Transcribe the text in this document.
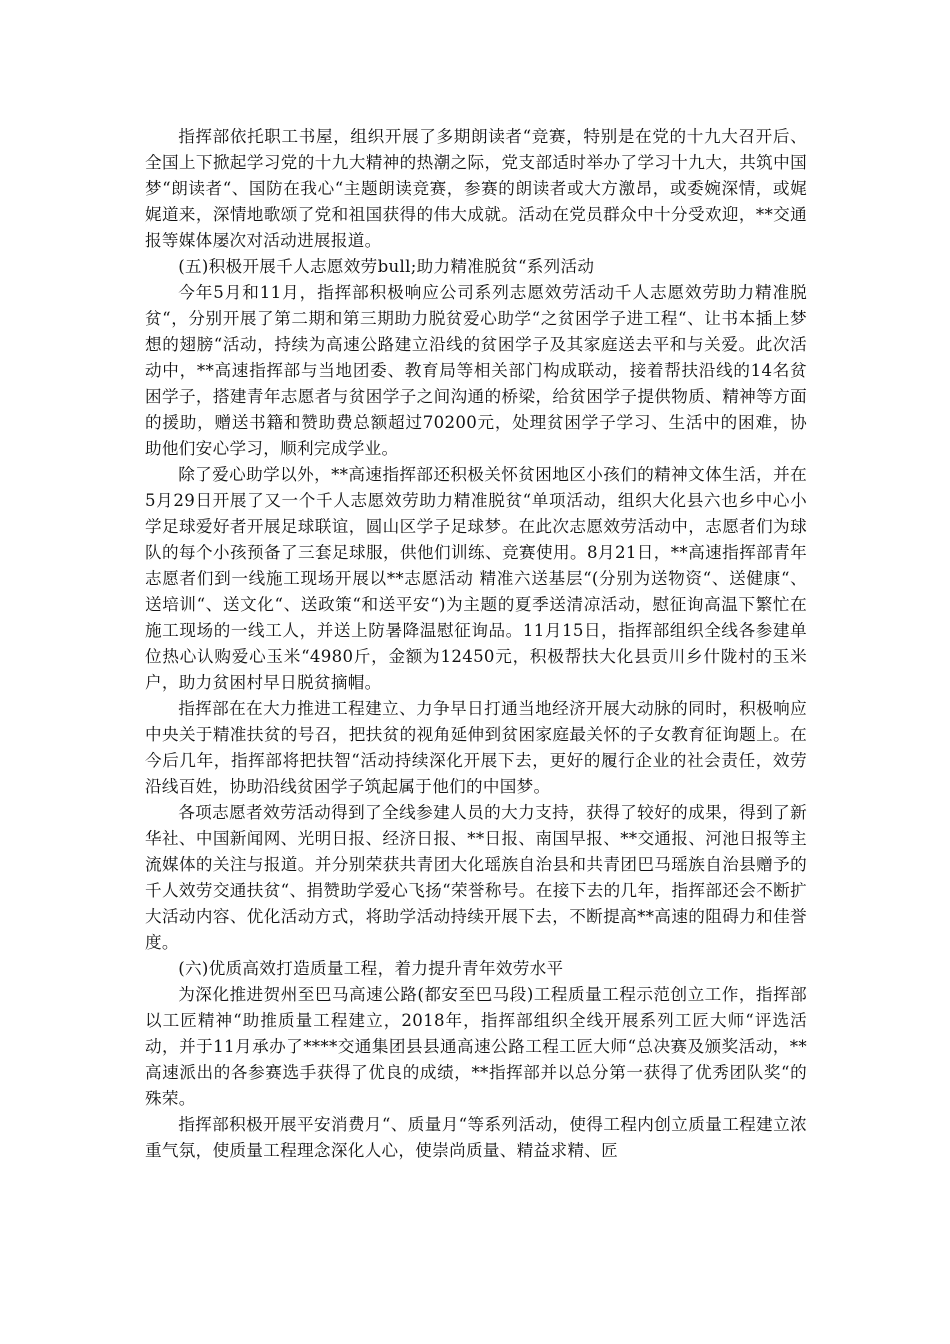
指挥部依托职工书屋，组织开展了多期朗读者“竞赛，特别是在党的十九大召开后、全国上下掀起学习党的十九大精神的热潮之际，党支部适时举办了学习十九大，共筑中国梦“朗读者“、国防在我心“主题朗读竞赛，参赛的朗读者或大方激昂，或委婉深情，或娓娓道来，深情地歌颂了党和祖国获得的伟大成就。活动在党员群众中十分受欢迎，**交通报等媒体屡次对活动进展报道。

(五)积极开展千人志愿效劳bull;助力精准脱贫“系列活动

今年5月和11月，指挥部积极响应公司系列志愿效劳活动千人志愿效劳助力精准脱贫“，分别开展了第二期和第三期助力脱贫爱心助学“之贫困学子进工程“、让书本插上梦想的翅膀“活动，持续为高速公路建立沿线的贫困学子及其家庭送去平和与关爱。此次活动中，**高速指挥部与当地团委、教育局等相关部门构成联动，接着帮扶沿线的14名贫困学子，搭建青年志愿者与贫困学子之间沟通的桥梁，给贫困学子提供物质、精神等方面的援助，赠送书籍和赞助费总额超过70200元，处理贫困学子学习、生活中的困难，协助他们安心学习，顺利完成学业。

除了爱心助学以外，**高速指挥部还积极关怀贫困地区小孩们的精神文体生活，并在5月29日开展了又一个千人志愿效劳助力精准脱贫“单项活动，组织大化县六也乡中心小学足球爱好者开展足球联谊，圆山区学子足球梦。在此次志愿效劳活动中，志愿者们为球队的每个小孩预备了三套足球服，供他们训练、竞赛使用。8月21日，**高速指挥部青年志愿者们到一线施工现场开展以**志愿活动 精准六送基层“(分别为送物资“、送健康“、送培训“、送文化“、送政策“和送平安“)为主题的夏季送清凉活动，慰征询高温下繁忙在施工现场的一线工人，并送上防暑降温慰征询品。11月15日，指挥部组织全线各参建单位热心认购爱心玉米“4980斤，金额为12450元，积极帮扶大化县贡川乡什陇村的玉米户，助力贫困村早日脱贫摘帽。

指挥部在在大力推进工程建立、力争早日打通当地经济开展大动脉的同时，积极响应中央关于精准扶贫的号召，把扶贫的视角延伸到贫困家庭最关怀的子女教育征询题上。在今后几年，指挥部将把扶智“活动持续深化开展下去，更好的履行企业的社会责任，效劳沿线百姓，协助沿线贫困学子筑起属于他们的中国梦。

各项志愿者效劳活动得到了全线参建人员的大力支持，获得了较好的成果，得到了新华社、中国新闻网、光明日报、经济日报、**日报、南国早报、**交通报、河池日报等主流媒体的关注与报道。并分别荣获共青团大化瑶族自治县和共青团巴马瑶族自治县赠予的千人效劳交通扶贫“、捐赞助学爱心飞扬“荣誉称号。在接下去的几年，指挥部还会不断扩大活动内容、优化活动方式，将助学活动持续开展下去，不断提高**高速的阻碍力和佳誉度。

(六)优质高效打造质量工程，着力提升青年效劳水平

为深化推进贺州至巴马高速公路(都安至巴马段)工程质量工程示范创立工作，指挥部以工匠精神“助推质量工程建立，2018年，指挥部组织全线开展系列工匠大师“评选活动，并于11月承办了****交通集团县县通高速公路工程工匠大师“总决赛及颁奖活动，**高速派出的各参赛选手获得了优良的成绩，**指挥部并以总分第一获得了优秀团队奖“的殊荣。

指挥部积极开展平安消费月“、质量月“等系列活动，使得工程内创立质量工程建立浓重气氛，使质量工程理念深化人心，使崇尚质量、精益求精、匠
